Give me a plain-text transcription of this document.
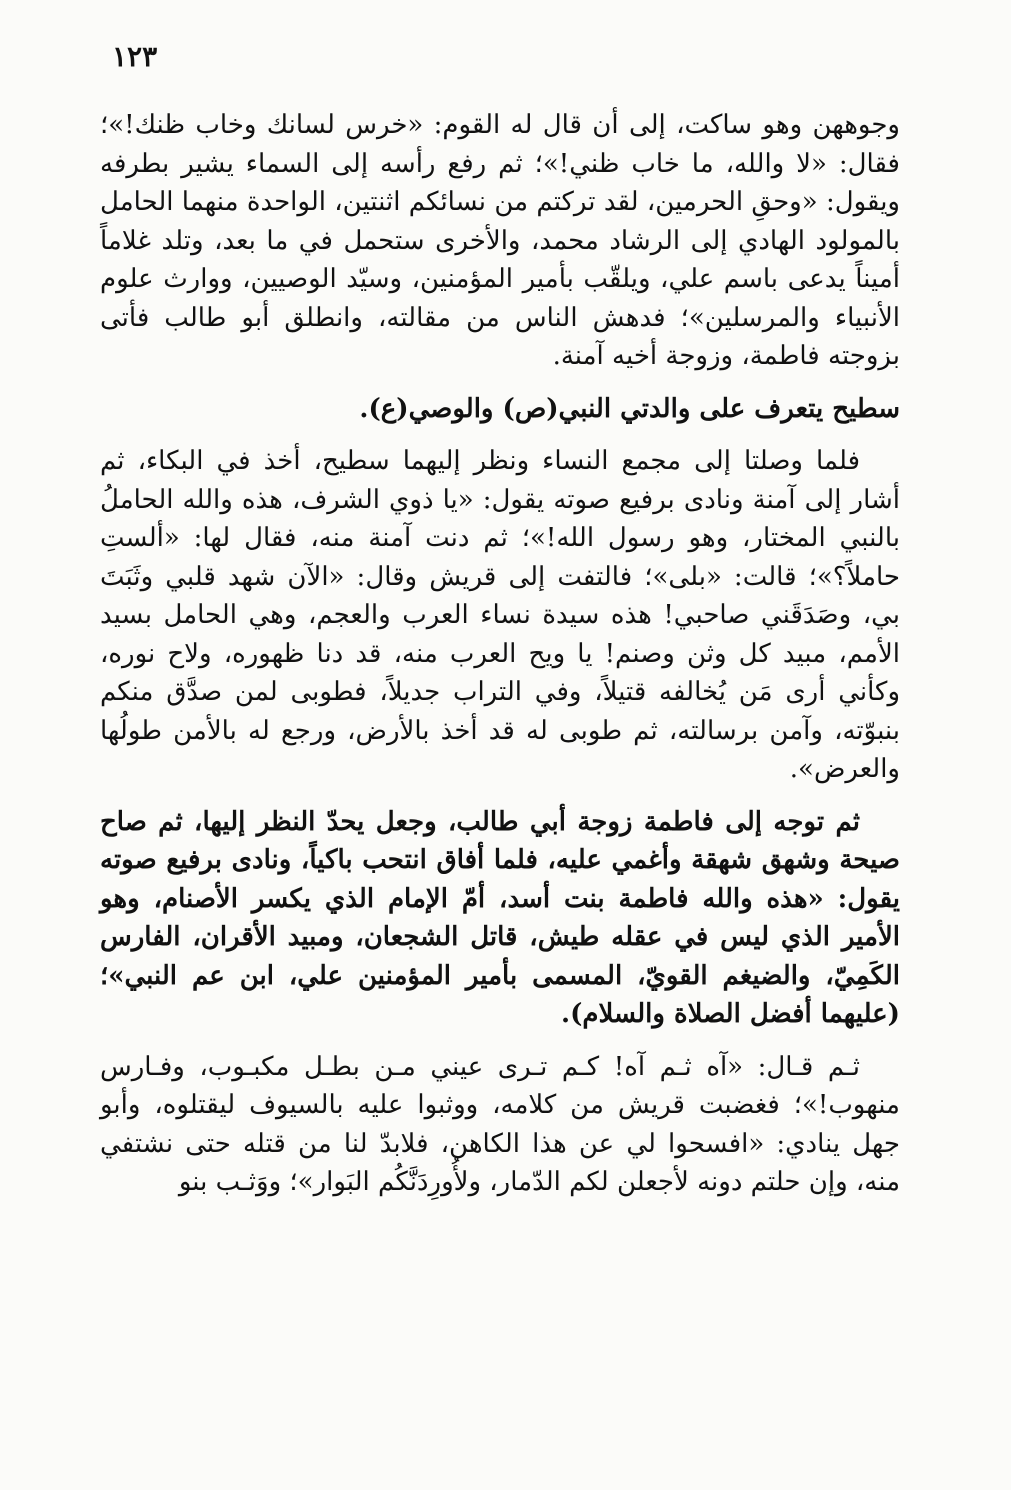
١٢٣

وجوههن وهو ساكت، إلى أن قال له القوم: «خرس لسانك وخاب ظنك!»؛ فقال: «لا والله، ما خاب ظني!»؛ ثم رفع رأسه إلى السماء يشير بطرفه ويقول: «وحقِ الحرمين، لقد تركتم من نسائكم اثنتين، الواحدة منهما الحامل بالمولود الهادي إلى الرشاد محمد، والأخرى ستحمل في ما بعد، وتلد غلاماً أميناً يدعى باسم علي، ويلقّب بأمير المؤمنين، وسيّد الوصيين، ووارث علوم الأنبياء والمرسلين»؛ فدهش الناس من مقالته، وانطلق أبو طالب فأتى بزوجته فاطمة، وزوجة أخيه آمنة.

سطيح يتعرف على والدتي النبي(ص) والوصي(ع).

فلما وصلتا إلى مجمع النساء ونظر إليهما سطيح، أخذ في البكاء، ثم أشار إلى آمنة ونادى برفيع صوته يقول: «يا ذوي الشرف، هذه والله الحاملُ بالنبي المختار، وهو رسول الله!»؛ ثم دنت آمنة منه، فقال لها: «ألستِ حاملاً؟»؛ قالت: «بلى»؛ فالتفت إلى قريش وقال: «الآن شهد قلبي وثَبَتَ بي، وصَدَقَني صاحبي! هذه سيدة نساء العرب والعجم، وهي الحامل بسيد الأمم، مبيد كل وثن وصنم! يا ويح العرب منه، قد دنا ظهوره، ولاح نوره، وكأني أرى مَن يُخالفه قتيلاً، وفي التراب جديلاً، فطوبى لمن صدَّق منكم بنبوّته، وآمن برسالته، ثم طوبى له قد أخذ بالأرض، ورجع له بالأمن طولُها والعرض».

ثم توجه إلى فاطمة زوجة أبي طالب، وجعل يحدّ النظر إليها، ثم صاح صيحة وشهق شهقة وأغمي عليه، فلما أفاق انتحب باكياً، ونادى برفيع صوته يقول: «هذه والله فاطمة بنت أسد، أمّ الإمام الذي يكسر الأصنام، وهو الأمير الذي ليس في عقله طيش، قاتل الشجعان، ومبيد الأقران، الفارس الكَمِيّ، والضيغم القويّ، المسمى بأمير المؤمنين علي، ابن عم النبي»؛ (عليهما أفضل الصلاة والسلام).

ثـم قـال: «آه ثـم آه! كـم تـرى عيني مـن بطـل مكبـوب، وفـارس منهوب!»؛ فغضبت قريش من كلامه، ووثبوا عليه بالسيوف ليقتلوه، وأبو جهل ينادي: «افسحوا لي عن هذا الكاهن، فلابدّ لنا من قتله حتى نشتفي منه، وإن حلتم دونه لأجعلن لكم الدّمار، ولأُورِدَنَّكُم البَوار»؛ ووَثـب بنو
